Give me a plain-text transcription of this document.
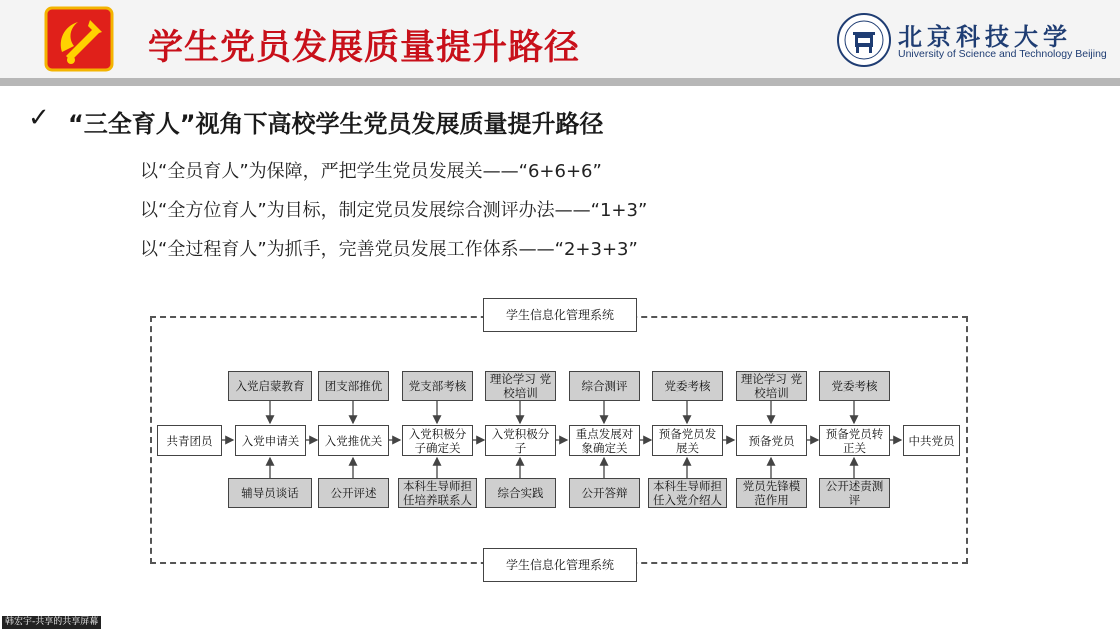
学生党员发展质量提升路径	北京科技大学
University of Science and Technology Beijing
✓ “三全育人”视角下高校学生党员发展质量提升路径
以“全员育人”为保障，严把学生党员发展关——“6+6+6”
以“全方位育人”为目标，制定党员发展综合测评办法——“1+3”
以“全过程育人”为抓手，完善党员发展工作体系——“2+3+3”
学生信息化管理系统
学生信息化管理系统
共青团员	入党申请关	入党推优关	入党积极分子确定关
入党积极分子
重点发展对象确定关
预备党员发展关	预备党员	预备党员转正关	中共党员
入党启蒙教育	团支部推优	党支部考核	理论学习 党校培训	综合测评	党委考核	理论学习 党校培训	党委考核
辅导员谈话	公开评述	本科生导师担任培养联系人	综合实践	公开答辩	本科生导师担任入党介绍人
党员先锋模范作用
公开述责测评
韩宏宇-共享的共享屏幕
